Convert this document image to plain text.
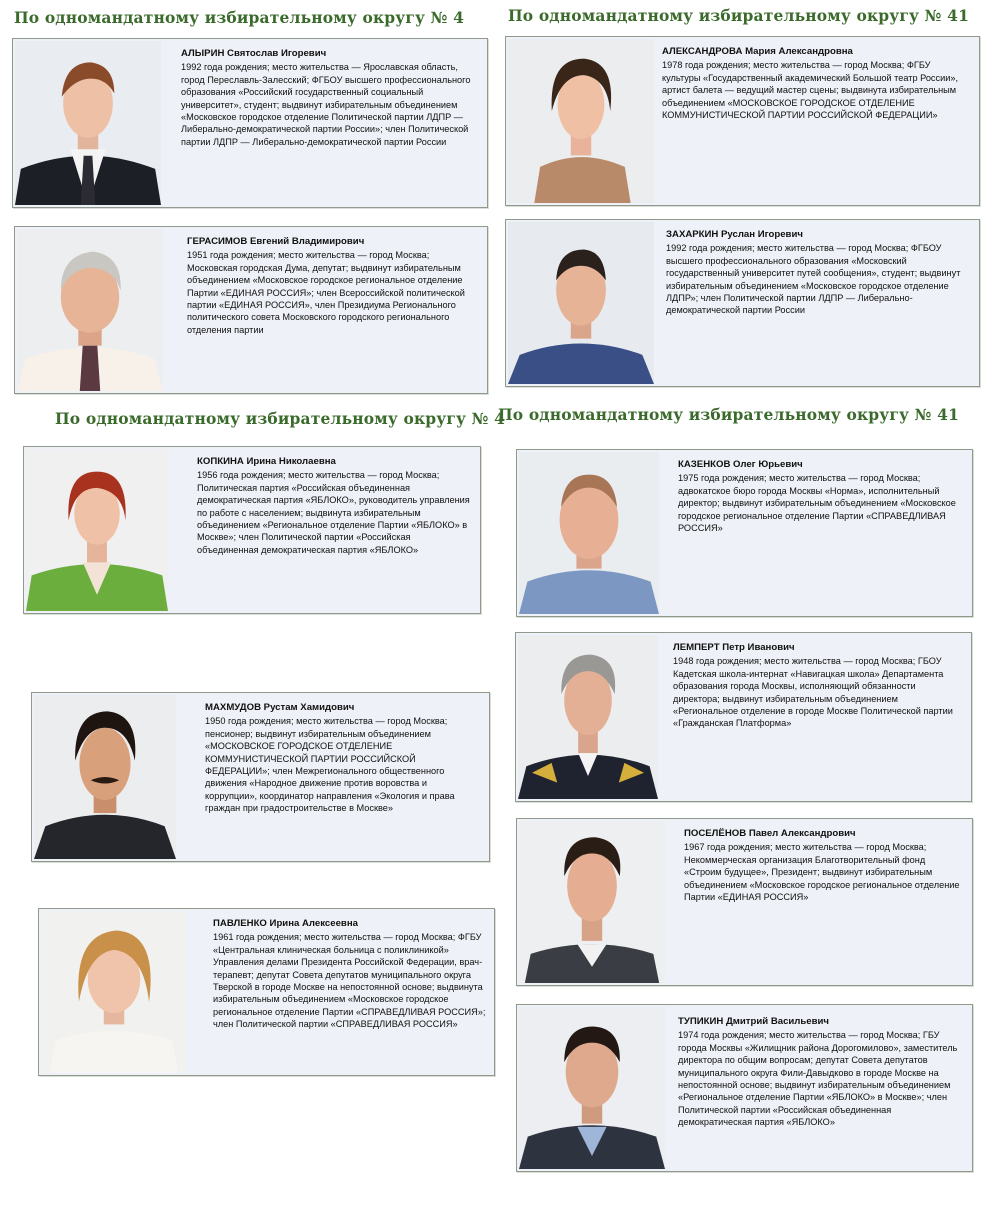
По одномандатному избирательному округу № 4	По одномандатному избирательному округу № 41
По одномандатному избирательному округу № 4
По одномандатному избирательному округу № 41
АЛЫРИН Святослав Игоревич
1992 года рождения; место жительства — Ярославская область, город Переславль-Залесский; ФГБОУ высшего профессионального образования «Российский государственный социальный университет», студент; выдвинут избирательным объединением «Московское городское отделение Политической партии ЛДПР — Либерально-демократической партии России»; член Политической партии ЛДПР — Либерально-демократической партии России
ГЕРАСИМОВ Евгений Владимирович
1951 года рождения; место жительства — город Москва; Московская городская Дума, депутат; выдвинут избирательным объединением «Московское городское региональное отделение Партии «ЕДИНАЯ РОССИЯ»; член Всероссийской политической партии «ЕДИНАЯ РОССИЯ», член Президиума Регионального политического совета Московского городского регионального отделения партии
АЛЕКСАНДРОВА Мария Александровна
1978 года рождения; место жительства — город Москва; ФГБУ культуры «Государственный академический Большой театр России», артист балета — ведущий мастер сцены; выдвинута избирательным объединением «МОСКОВСКОЕ ГОРОДСКОЕ ОТДЕЛЕНИЕ КОММУНИСТИЧЕСКОЙ ПАРТИИ РОССИЙСКОЙ ФЕДЕРАЦИИ»
ЗАХАРКИН Руслан Игоревич
1992 года рождения; место жительства — город Москва; ФГБОУ высшего профессионального образования «Московский государственный университет путей сообщения», студент; выдвинут избирательным объединением «Московское городское отделение ЛДПР»; член Политической партии ЛДПР — Либерально-демократической партии России
КОПКИНА Ирина Николаевна
1956 года рождения; место жительства — город Москва; Политическая партия «Российская объединенная демократическая партия «ЯБЛОКО», руководитель управления по работе с населением; выдвинута избирательным объединением «Региональное отделение Партии «ЯБЛОКО» в Москве»; член Политической партии «Российская объединенная демократическая партия «ЯБЛОКО»
МАХМУДОВ Рустам Хамидович
1950 года рождения; место жительства — город Москва; пенсионер; выдвинут избирательным объединением «МОСКОВСКОЕ ГОРОДСКОЕ ОТДЕЛЕНИЕ КОММУНИСТИЧЕСКОЙ ПАРТИИ РОССИЙСКОЙ ФЕДЕРАЦИИ»; член Межрегионального общественного движения «Народное движение против воровства и коррупции», координатор направления «Экология и права граждан при градостроительстве в Москве»
ПАВЛЕНКО Ирина Алексеевна
1961 года рождения; место жительства — город Москва; ФГБУ «Центральная клиническая больница с поликлиникой» Управления делами Президента Российской Федерации, врач-терапевт; депутат Совета депутатов муниципального округа Тверской в городе Москве на непостоянной основе; выдвинута избирательным объединением «Московское городское региональное отделение Партии «СПРАВЕДЛИВАЯ РОССИЯ»; член Политической партии «СПРАВЕДЛИВАЯ РОССИЯ»
КАЗЕНКОВ Олег Юрьевич
1975 года рождения; место жительства — город Москва; адвокатское бюро города Москвы «Норма», исполнительный директор; выдвинут избирательным объединением «Московское городское региональное отделение Партии «СПРАВЕДЛИВАЯ РОССИЯ»
ЛЕМПЕРТ Петр Иванович
1948 года рождения; место жительства — город Москва; ГБОУ Кадетская школа-интернат «Навигацкая школа» Департамента образования города Москвы, исполняющий обязанности директора; выдвинут избирательным объединением «Региональное отделение в городе Москве Политической партии «Гражданская Платформа»
ПОСЕЛЁНОВ Павел Александрович
1967 года рождения; место жительства — город Москва; Некоммерческая организация Благотворительный фонд «Строим будущее», Президент; выдвинут избирательным объединением «Московское городское региональное отделение Партии «ЕДИНАЯ РОССИЯ»
ТУПИКИН Дмитрий Васильевич
1974 года рождения; место жительства — город Москва; ГБУ города Москвы «Жилищник района Дорогомилово», заместитель директора по общим вопросам; депутат Совета депутатов муниципального округа Фили-Давыдково в городе Москве на непостоянной основе; выдвинут избирательным объединением «Региональное отделение Партии «ЯБЛОКО» в Москве»; член Политической партии «Российская объединенная демократическая партия «ЯБЛОКО»
